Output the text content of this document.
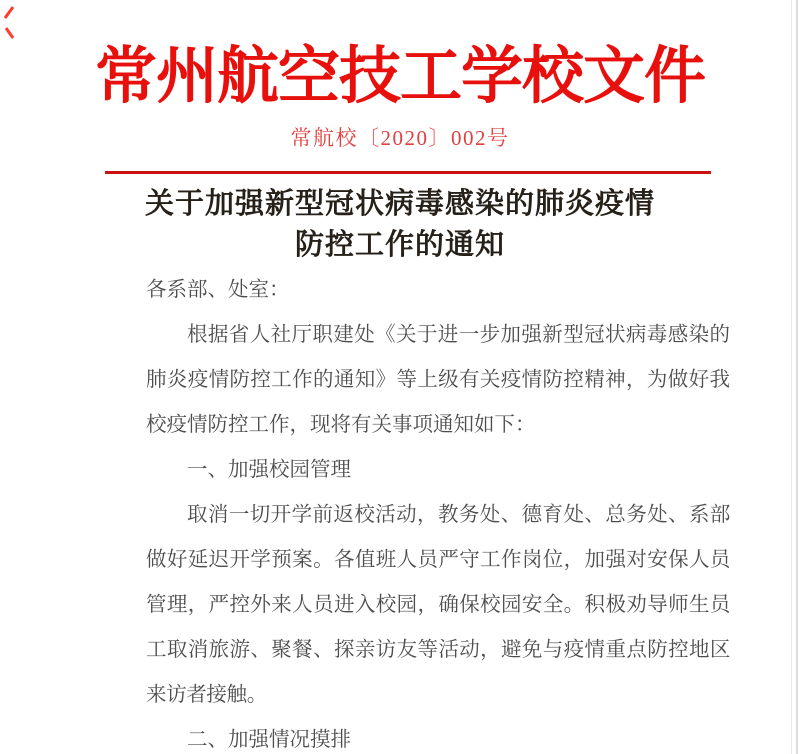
常州航空技工学校文件
常航校〔2020〕002号
关于加强新型冠状病毒感染的肺炎疫情
防控工作的通知

各系部、处室：

根据省人社厅职建处《关于进一步加强新型冠状病毒感染的肺炎疫情防控工作的通知》等上级有关疫情防控精神，为做好我校疫情防控工作，现将有关事项通知如下：

一、加强校园管理

取消一切开学前返校活动，教务处、德育处、总务处、系部做好延迟开学预案。各值班人员严守工作岗位，加强对安保人员管理，严控外来人员进入校园，确保校园安全。积极劝导师生员工取消旅游、聚餐、探亲访友等活动，避免与疫情重点防控地区来访者接触。

二、加强情况摸排
